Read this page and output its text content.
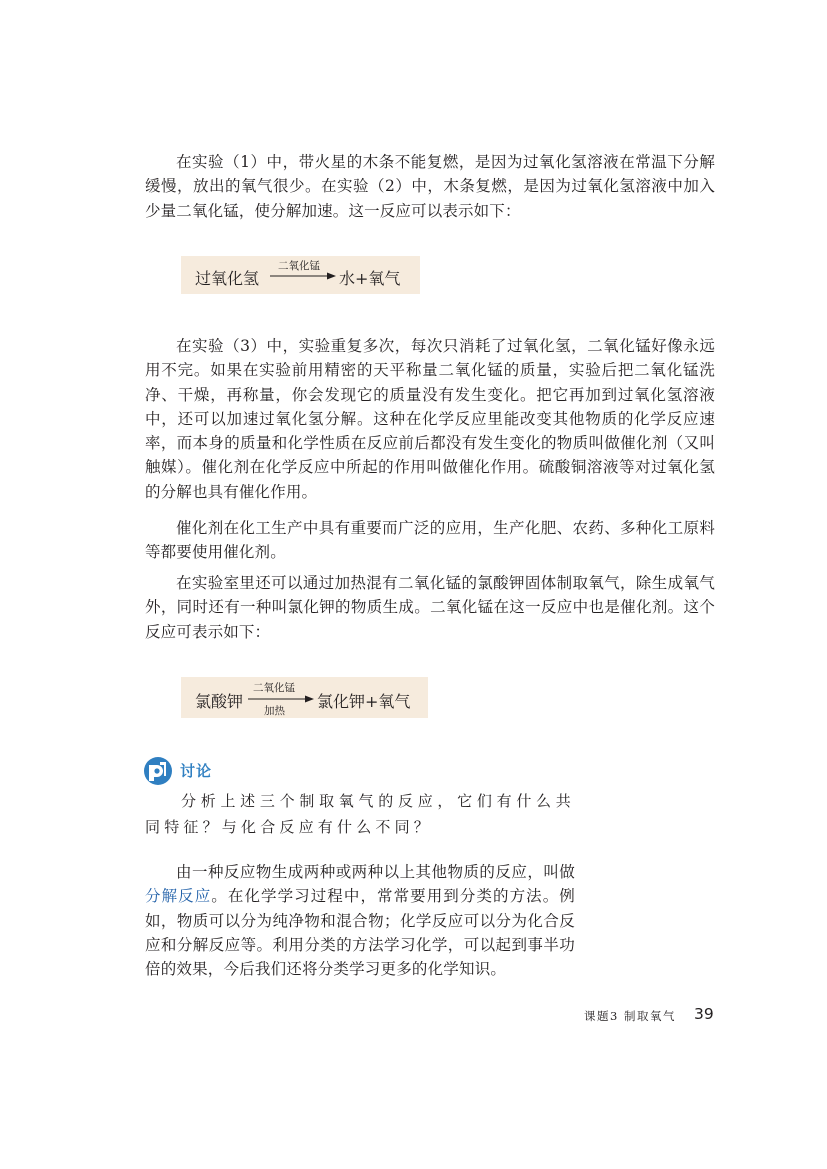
在实验（1）中，带火星的木条不能复燃，是因为过氧化氢溶液在常温下分解缓慢，放出的氧气很少。在实验（2）中，木条复燃，是因为过氧化氢溶液中加入少量二氧化锰，使分解加速。这一反应可以表示如下：

过氧化氢
二氧化锰
水+氧气

在实验（3）中，实验重复多次，每次只消耗了过氧化氢，二氧化锰好像永远用不完。如果在实验前用精密的天平称量二氧化锰的质量，实验后把二氧化锰洗净、干燥，再称量，你会发现它的质量没有发生变化。把它再加到过氧化氢溶液中，还可以加速过氧化氢分解。这种在化学反应里能改变其他物质的化学反应速率，而本身的质量和化学性质在反应前后都没有发生变化的物质叫做催化剂（又叫触媒）。催化剂在化学反应中所起的作用叫做催化作用。硫酸铜溶液等对过氧化氢的分解也具有催化作用。

催化剂在化工生产中具有重要而广泛的应用，生产化肥、农药、多种化工原料等都要使用催化剂。

在实验室里还可以通过加热混有二氧化锰的氯酸钾固体制取氧气，除生成氧气外，同时还有一种叫氯化钾的物质生成。二氧化锰在这一反应中也是催化剂。这个反应可表示如下：

氯酸钾
二氧化锰
加热 氯化钾+氧气
讨论

分析上述三个制取氧气的反应，它们有什么共同特征？与化合反应有什么不同？

由一种反应物生成两种或两种以上其他物质的反应，叫做分解反应。在化学学习过程中，常常要用到分类的方法。例如，物质可以分为纯净物和混合物；化学反应可以分为化合反应和分解反应等。利用分类的方法学习化学，可以起到事半功倍的效果，今后我们还将分类学习更多的化学知识。

课题3 制取氧气 39
